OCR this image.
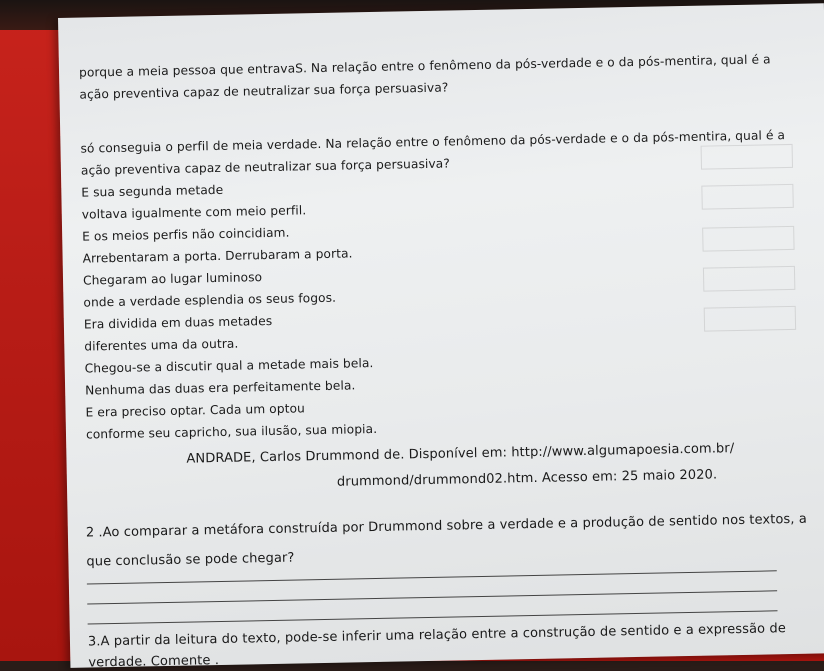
porque a meia pessoa que entravaS. Na relação entre o fenômeno da pós-verdade e o da pós-mentira, qual é a
ação preventiva capaz de neutralizar sua força persuasiva?
só conseguia o perfil de meia verdade. Na relação entre o fenômeno da pós-verdade e o da pós-mentira, qual é a
ação preventiva capaz de neutralizar sua força persuasiva?
E sua segunda metade
voltava igualmente com meio perfil.
E os meios perfis não coincidiam.
Arrebentaram a porta. Derrubaram a porta.
Chegaram ao lugar luminoso
onde a verdade esplendia os seus fogos.
Era dividida em duas metades
diferentes uma da outra.
Chegou-se a discutir qual a metade mais bela.
Nenhuma das duas era perfeitamente bela.
E era preciso optar. Cada um optou
conforme seu capricho, sua ilusão, sua miopia.
ANDRADE, Carlos Drummond de. Disponível em: http://www.algumapoesia.com.br/
drummond/drummond02.htm. Acesso em: 25 maio 2020.
2 .Ao comparar a metáfora construída por Drummond sobre a verdade e a produção de sentido nos textos, a
que conclusão se pode chegar?
3.A partir da leitura do texto, pode-se inferir uma relação entre a construção de sentido e a expressão de
verdade. Comente .
